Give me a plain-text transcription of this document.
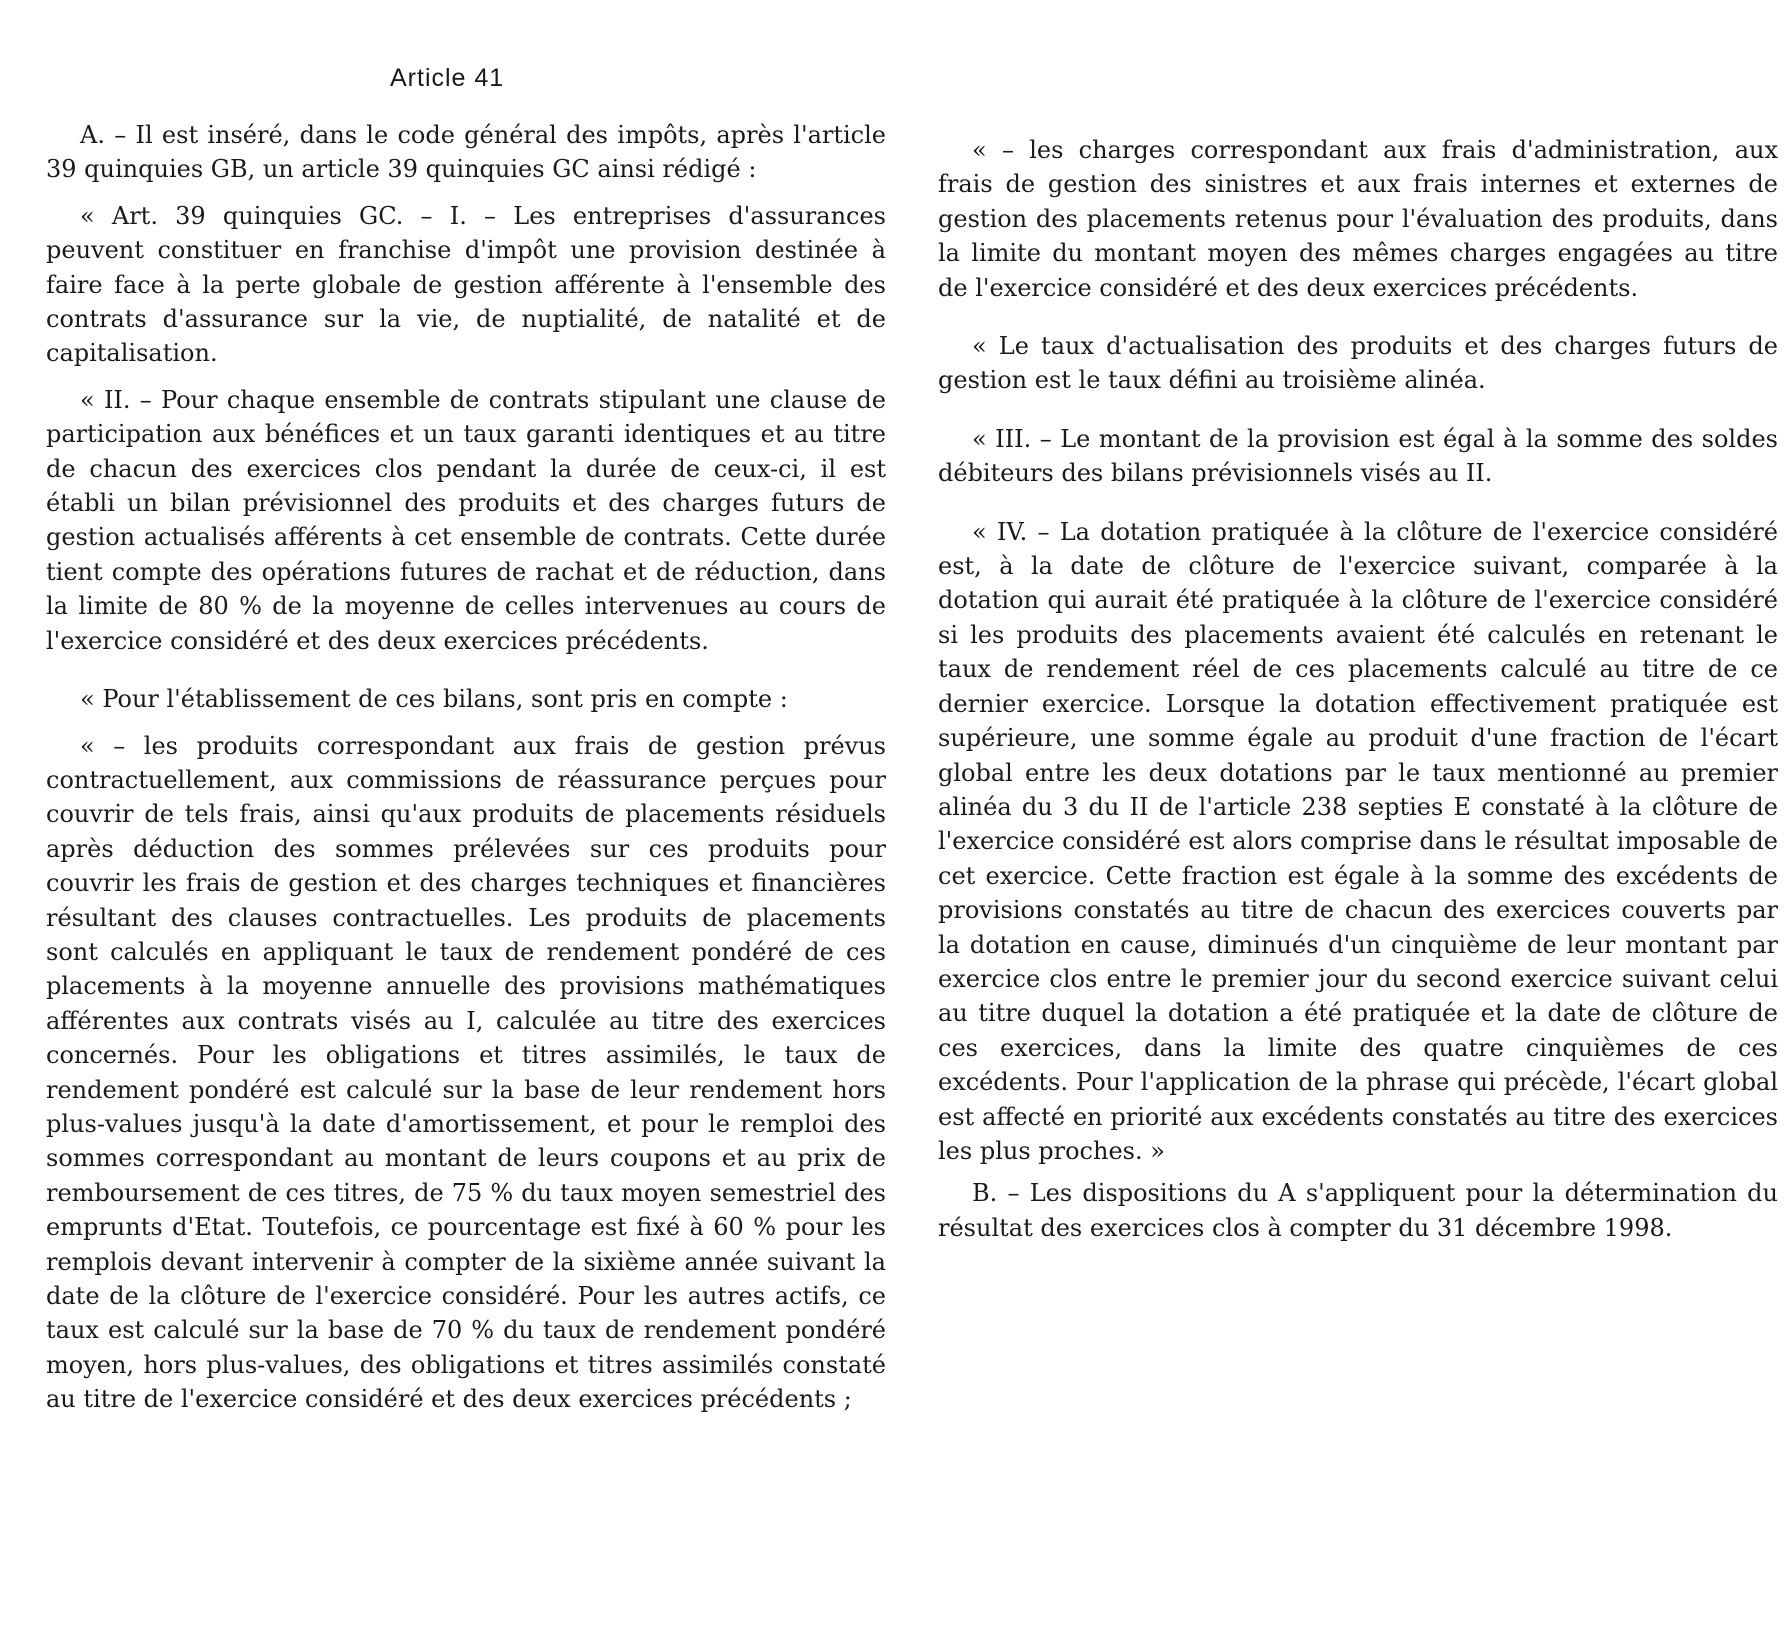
Article 41

A. – Il est inséré, dans le code général des impôts, après l'article 39 quinquies GB, un article 39 quinquies GC ainsi rédigé :

« Art. 39 quinquies GC. – I. – Les entreprises d'assurances peuvent constituer en franchise d'impôt une provision destinée à faire face à la perte globale de gestion afférente à l'ensemble des contrats d'assurance sur la vie, de nuptialité, de natalité et de capitalisation.

« II. – Pour chaque ensemble de contrats stipulant une clause de participation aux bénéfices et un taux garanti identiques et au titre de chacun des exercices clos pendant la durée de ceux-ci, il est établi un bilan prévisionnel des produits et des charges futurs de gestion actualisés afférents à cet ensemble de contrats. Cette durée tient compte des opérations futures de rachat et de réduction, dans la limite de 80 % de la moyenne de celles intervenues au cours de l'exercice considéré et des deux exercices précédents.

« Pour l'établissement de ces bilans, sont pris en compte :

« – les produits correspondant aux frais de gestion prévus contractuellement, aux commissions de réassurance perçues pour couvrir de tels frais, ainsi qu'aux produits de placements résiduels après déduction des sommes prélevées sur ces produits pour couvrir les frais de gestion et des charges techniques et financières résultant des clauses contractuelles. Les produits de placements sont calculés en appliquant le taux de rendement pondéré de ces placements à la moyenne annuelle des provisions mathématiques afférentes aux contrats visés au I, calculée au titre des exercices concernés. Pour les obligations et titres assimilés, le taux de rendement pondéré est calculé sur la base de leur rendement hors plus-values jusqu'à la date d'amortissement, et pour le remploi des sommes correspondant au montant de leurs coupons et au prix de remboursement de ces titres, de 75 % du taux moyen semestriel des emprunts d'Etat. Toutefois, ce pourcentage est fixé à 60 % pour les remplois devant intervenir à compter de la sixième année suivant la date de la clôture de l'exercice considéré. Pour les autres actifs, ce taux est calculé sur la base de 70 % du taux de rendement pondéré moyen, hors plus-values, des obligations et titres assimilés constaté au titre de l'exercice considéré et des deux exercices précédents ;

« – les charges correspondant aux frais d'administration, aux frais de gestion des sinistres et aux frais internes et externes de gestion des placements retenus pour l'évaluation des produits, dans la limite du montant moyen des mêmes charges engagées au titre de l'exercice considéré et des deux exercices précédents.

« Le taux d'actualisation des produits et des charges futurs de gestion est le taux défini au troisième alinéa.

« III. – Le montant de la provision est égal à la somme des soldes débiteurs des bilans prévisionnels visés au II.

« IV. – La dotation pratiquée à la clôture de l'exercice considéré est, à la date de clôture de l'exercice suivant, comparée à la dotation qui aurait été pratiquée à la clôture de l'exercice considéré si les produits des placements avaient été calculés en retenant le taux de rendement réel de ces placements calculé au titre de ce dernier exercice. Lorsque la dotation effectivement pratiquée est supérieure, une somme égale au produit d'une fraction de l'écart global entre les deux dotations par le taux mentionné au premier alinéa du 3 du II de l'article 238 septies E constaté à la clôture de l'exercice considéré est alors comprise dans le résultat imposable de cet exercice. Cette fraction est égale à la somme des excédents de provisions constatés au titre de chacun des exercices couverts par la dotation en cause, diminués d'un cinquième de leur montant par exercice clos entre le premier jour du second exercice suivant celui au titre duquel la dotation a été pratiquée et la date de clôture de ces exercices, dans la limite des quatre cinquièmes de ces excédents. Pour l'application de la phrase qui précède, l'écart global est affecté en priorité aux excédents constatés au titre des exercices les plus proches. »

B. – Les dispositions du A s'appliquent pour la détermination du résultat des exercices clos à compter du 31 décembre 1998.
